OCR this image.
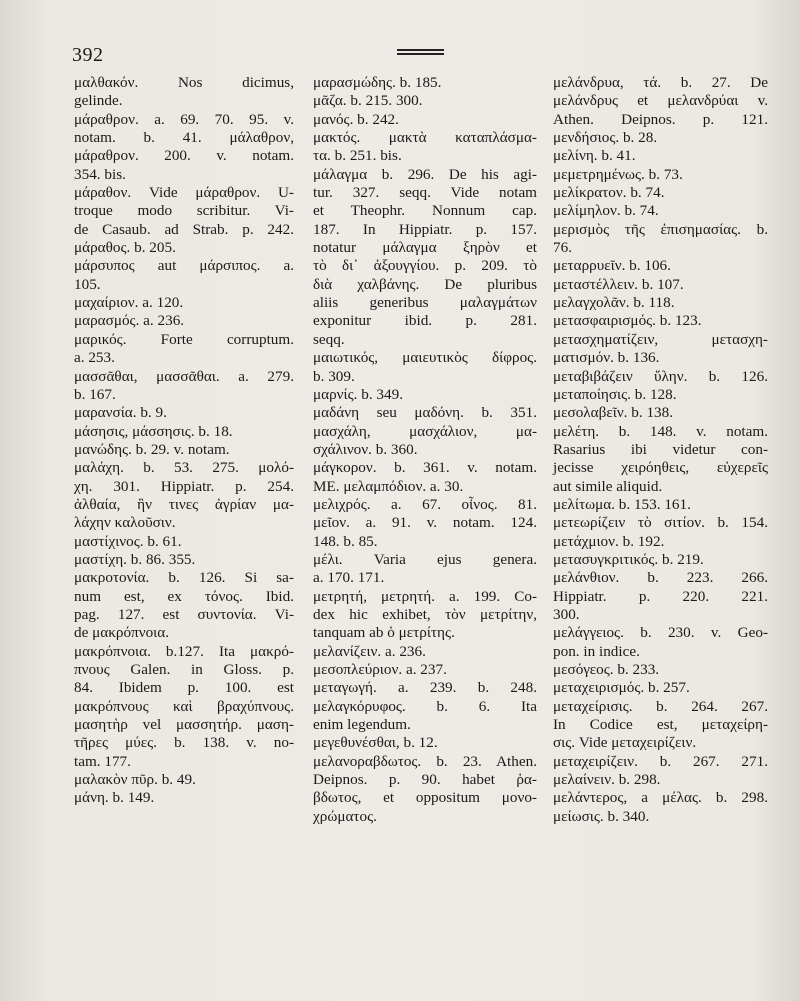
392
μαλθακόν. Nos dicimus,
gelinde.
μάραθρον. a. 69. 70. 95. v.
notam. b. 41. μάλαθρον,
μάραθρον. 200. v. notam.
354. bis.
μάραθον. Vide μάραθρον. U-
troque modo scribitur. Vi-
de Casaub. ad Strab. p. 242.
μάραθος. b. 205.
μάρσυπος aut μάρσιπος. a.
105.
μαχαίριον. a. 120.
μαρασμός. a. 236.
μαρικός. Forte corruptum.
a. 253.
μασσᾶθαι, μασσᾶθαι. a. 279.
b. 167.
μαρανσία. b. 9.
μάσησις, μάσσησις. b. 18.
μανώδης. b. 29. v. notam.
μαλάχη. b. 53. 275. μολό-
χη. 301. Hippiatr. p. 254.
ἀλθαία, ἣν τινες ἀγρίαν μα-
λάχην καλοῦσιν.
μαστίχινος. b. 61.
μαστίχη. b. 86. 355.
μακροτονία. b. 126. Si sa-
num est, ex τόνος. Ibid.
pag. 127. est συντονία. Vi-
de μακρόπνοια.
μακρόπνοια. b.127. Ita μακρό-
πνους Galen. in Gloss. p.
84. Ibidem p. 100. est
μακρόπνους καὶ βραχύπνους.
μασητὴρ vel μασσητήρ. μαση-
τῆρες μύες. b. 138. v. no-
tam. 177.
μαλακὸν πῦρ. b. 49.
μάνη. b. 149.
μαρασμώδης. b. 185.
μᾶζα. b. 215. 300.
μανός. b. 242.
μακτός. μακτὰ καταπλάσμα-
τα. b. 251. bis.
μάλαγμα b. 296. De his agi-
tur. 327. seqq. Vide notam
et Theophr. Nonnum cap.
187. In Hippiatr. p. 157.
notatur μάλαγμα ξηρὸν et
τὸ δι᾽ ἀξουγγίου. p. 209. τὸ
διὰ χαλβάνης. De pluribus
aliis generibus μαλαγμάτων
exponitur ibid. p. 281.
seqq.
μαιωτικός, μαιευτικὸς δίφρος.
b. 309.
μαρνίς. b. 349.
μαδάνη seu μαδόνη. b. 351.
μασχάλη, μασχάλιον, μα-
σχάλινον. b. 360.
μάγκορον. b. 361. v. notam.
ME. μελαμπόδιον. a. 30.
μελιχρός. a. 67. οἶνος. 81.
μεῖον. a. 91. v. notam. 124.
148. b. 85.
μέλι. Varia ejus genera.
a. 170. 171.
μετρητή, μετρητή. a. 199. Co-
dex hic exhibet, τὸν μετρίτην,
tanquam ab ὁ μετρίτης.
μελανίζειν. a. 236.
μεσοπλεύριον. a. 237.
μεταγωγή. a. 239. b. 248.
μελαγκόρυφος. b. 6. Ita
enim legendum.
μεγεθυνέσθαι, b. 12.
μελανοραβδωτος. b. 23. Athen.
Deipnos. p. 90. habet ῥα-
βδωτος, et oppositum μονο-
χρώματος.
μελάνδρυα, τά. b. 27. De
μελάνδρυς et μελανδρύαι v.
Athen. Deipnos. p. 121.
μενδήσιος. b. 28.
μελίνη. b. 41.
μεμετρημένως. b. 73.
μελίκρατον. b. 74.
μελίμηλον. b. 74.
μερισμὸς τῆς ἐπισημασίας. b.
76.
μεταρρυεῖν. b. 106.
μεταστέλλειν. b. 107.
μελαγχολᾶν. b. 118.
μετασφαιρισμός. b. 123.
μετασχηματίζειν, μετασχη-
ματισμόν. b. 136.
μεταβιβάζειν ὕλην. b. 126.
μεταποίησις. b. 128.
μεσολαβεῖν. b. 138.
μελέτη. b. 148. v. notam.
Rasarius ibi videtur con-
jecisse χειρόηθεις, εὐχερεῖς
aut simile aliquid.
μελίτωμα. b. 153. 161.
μετεωρίζειν τὸ σιτίον. b. 154.
μετάχμιον. b. 192.
μετασυγκριτικός. b. 219.
μελάνθιον. b. 223. 266.
Hippiatr. p. 220. 221.
300.
μελάγγειος. b. 230. v. Geo-
pon. in indice.
μεσόγεος. b. 233.
μεταχειρισμός. b. 257.
μεταχείρισις. b. 264. 267.
In Codice est, μεταχείρη-
σις. Vide μεταχειρίζειν.
μεταχειρίζειν. b. 267. 271.
μελαίνειν. b. 298.
μελάντερος, a μέλας. b. 298.
μείωσις. b. 340.
